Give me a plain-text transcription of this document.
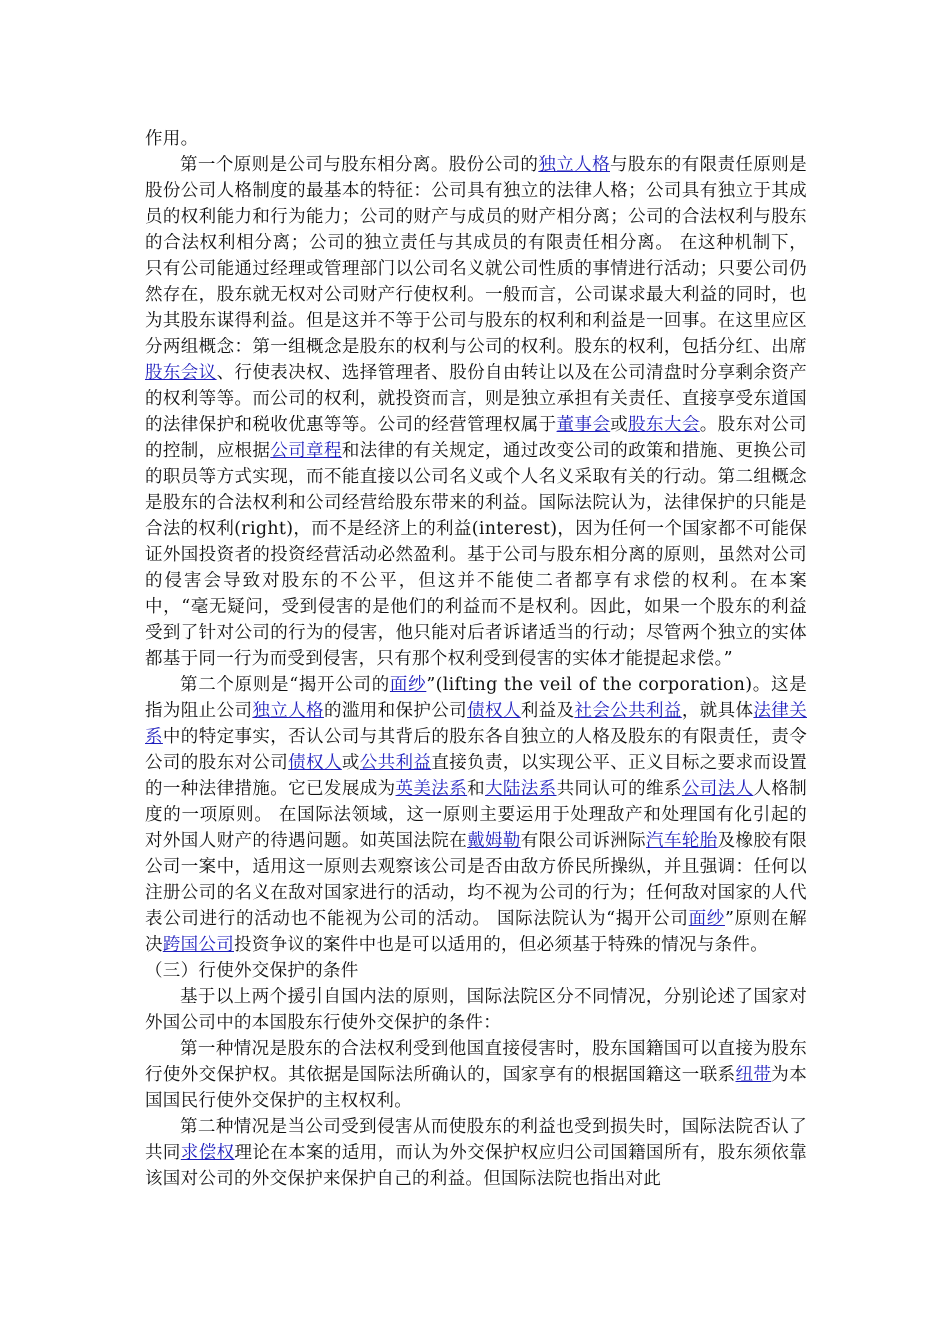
作用。

第一个原则是公司与股东相分离。股份公司的独立人格与股东的有限责任原则是股份公司人格制度的最基本的特征：公司具有独立的法律人格；公司具有独立于其成员的权利能力和行为能力；公司的财产与成员的财产相分离；公司的合法权利与股东的合法权利相分离；公司的独立责任与其成员的有限责任相分离。 在这种机制下，只有公司能通过经理或管理部门以公司名义就公司性质的事情进行活动；只要公司仍然存在，股东就无权对公司财产行使权利。一般而言，公司谋求最大利益的同时，也为其股东谋得利益。但是这并不等于公司与股东的权利和利益是一回事。在这里应区分两组概念：第一组概念是股东的权利与公司的权利。股东的权利，包括分红、出席股东会议、行使表决权、选择管理者、股份自由转让以及在公司清盘时分享剩余资产的权利等等。而公司的权利，就投资而言，则是独立承担有关责任、直接享受东道国的法律保护和税收优惠等等。公司的经营管理权属于董事会或股东大会。股东对公司的控制，应根据公司章程和法律的有关规定，通过改变公司的政策和措施、更换公司的职员等方式实现，而不能直接以公司名义或个人名义采取有关的行动。第二组概念是股东的合法权利和公司经营给股东带来的利益。国际法院认为，法律保护的只能是合法的权利(right)，而不是经济上的利益(interest)，因为任何一个国家都不可能保证外国投资者的投资经营活动必然盈利。基于公司与股东相分离的原则，虽然对公司的侵害会导致对股东的不公平，但这并不能使二者都享有求偿的权利。在本案中，“毫无疑问，受到侵害的是他们的利益而不是权利。因此，如果一个股东的利益受到了针对公司的行为的侵害，他只能对后者诉诸适当的行动；尽管两个独立的实体都基于同一行为而受到侵害，只有那个权利受到侵害的实体才能提起求偿。”

第二个原则是“揭开公司的面纱”(lifting the veil of the corporation)。这是指为阻止公司独立人格的滥用和保护公司债权人利益及社会公共利益，就具体法律关系中的特定事实，否认公司与其背后的股东各自独立的人格及股东的有限责任，责令公司的股东对公司债权人或公共利益直接负责，以实现公平、正义目标之要求而设置的一种法律措施。它已发展成为英美法系和大陆法系共同认可的维系公司法人人格制度的一项原则。 在国际法领域，这一原则主要运用于处理敌产和处理国有化引起的对外国人财产的待遇问题。如英国法院在戴姆勒有限公司诉洲际汽车轮胎及橡胶有限公司一案中，适用这一原则去观察该公司是否由敌方侨民所操纵，并且强调：任何以注册公司的名义在敌对国家进行的活动，均不视为公司的行为；任何敌对国家的人代表公司进行的活动也不能视为公司的活动。 国际法院认为“揭开公司面纱”原则在解决跨国公司投资争议的案件中也是可以适用的，但必须基于特殊的情况与条件。

（三）行使外交保护的条件

基于以上两个援引自国内法的原则，国际法院区分不同情况，分别论述了国家对外国公司中的本国股东行使外交保护的条件：

第一种情况是股东的合法权利受到他国直接侵害时，股东国籍国可以直接为股东行使外交保护权。其依据是国际法所确认的，国家享有的根据国籍这一联系纽带为本国国民行使外交保护的主权权利。

第二种情况是当公司受到侵害从而使股东的利益也受到损失时，国际法院否认了共同求偿权理论在本案的适用，而认为外交保护权应归公司国籍国所有，股东须依靠该国对公司的外交保护来保护自己的利益。但国际法院也指出对此
